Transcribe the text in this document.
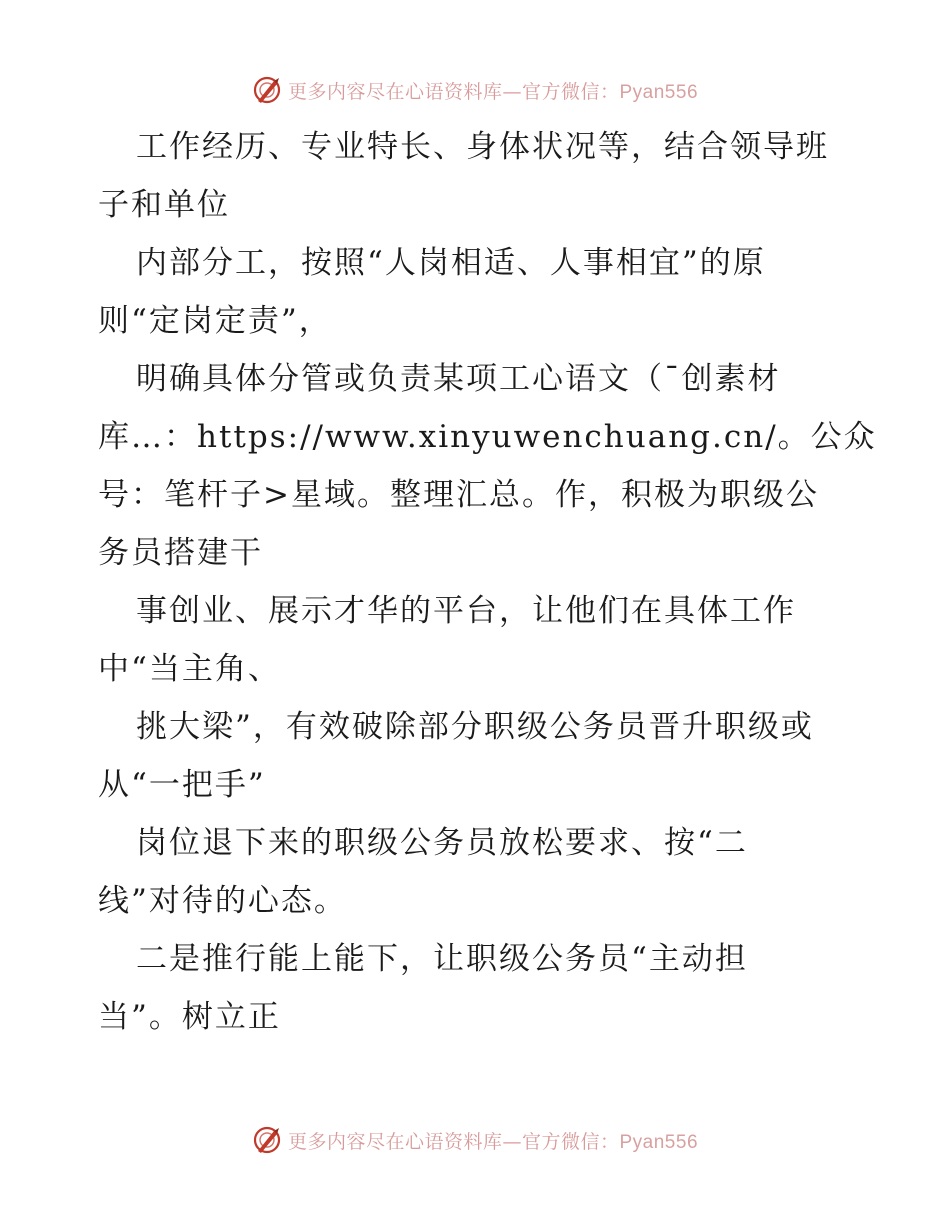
更多内容尽在心语资料库—官方微信：Pyan556
工作经历、专业特长、身体状况等，结合领导班
子和单位
内部分工，按照“人岗相适、人事相宜”的原
则“定岗定责”，
明确具体分管或负责某项工心语文（¯创素材
库…：https://www.xinyuwenchuang.cn/。公众
号：笔杆子>星域。整理汇总。作，积极为职级公
务员搭建干
事创业、展示才华的平台，让他们在具体工作
中“当主角、
挑大梁”，有效破除部分职级公务员晋升职级或
从“一把手”
岗位退下来的职级公务员放松要求、按“二
线”对待的心态。
二是推行能上能下，让职级公务员“主动担
当”。树立正
更多内容尽在心语资料库—官方微信：Pyan556
